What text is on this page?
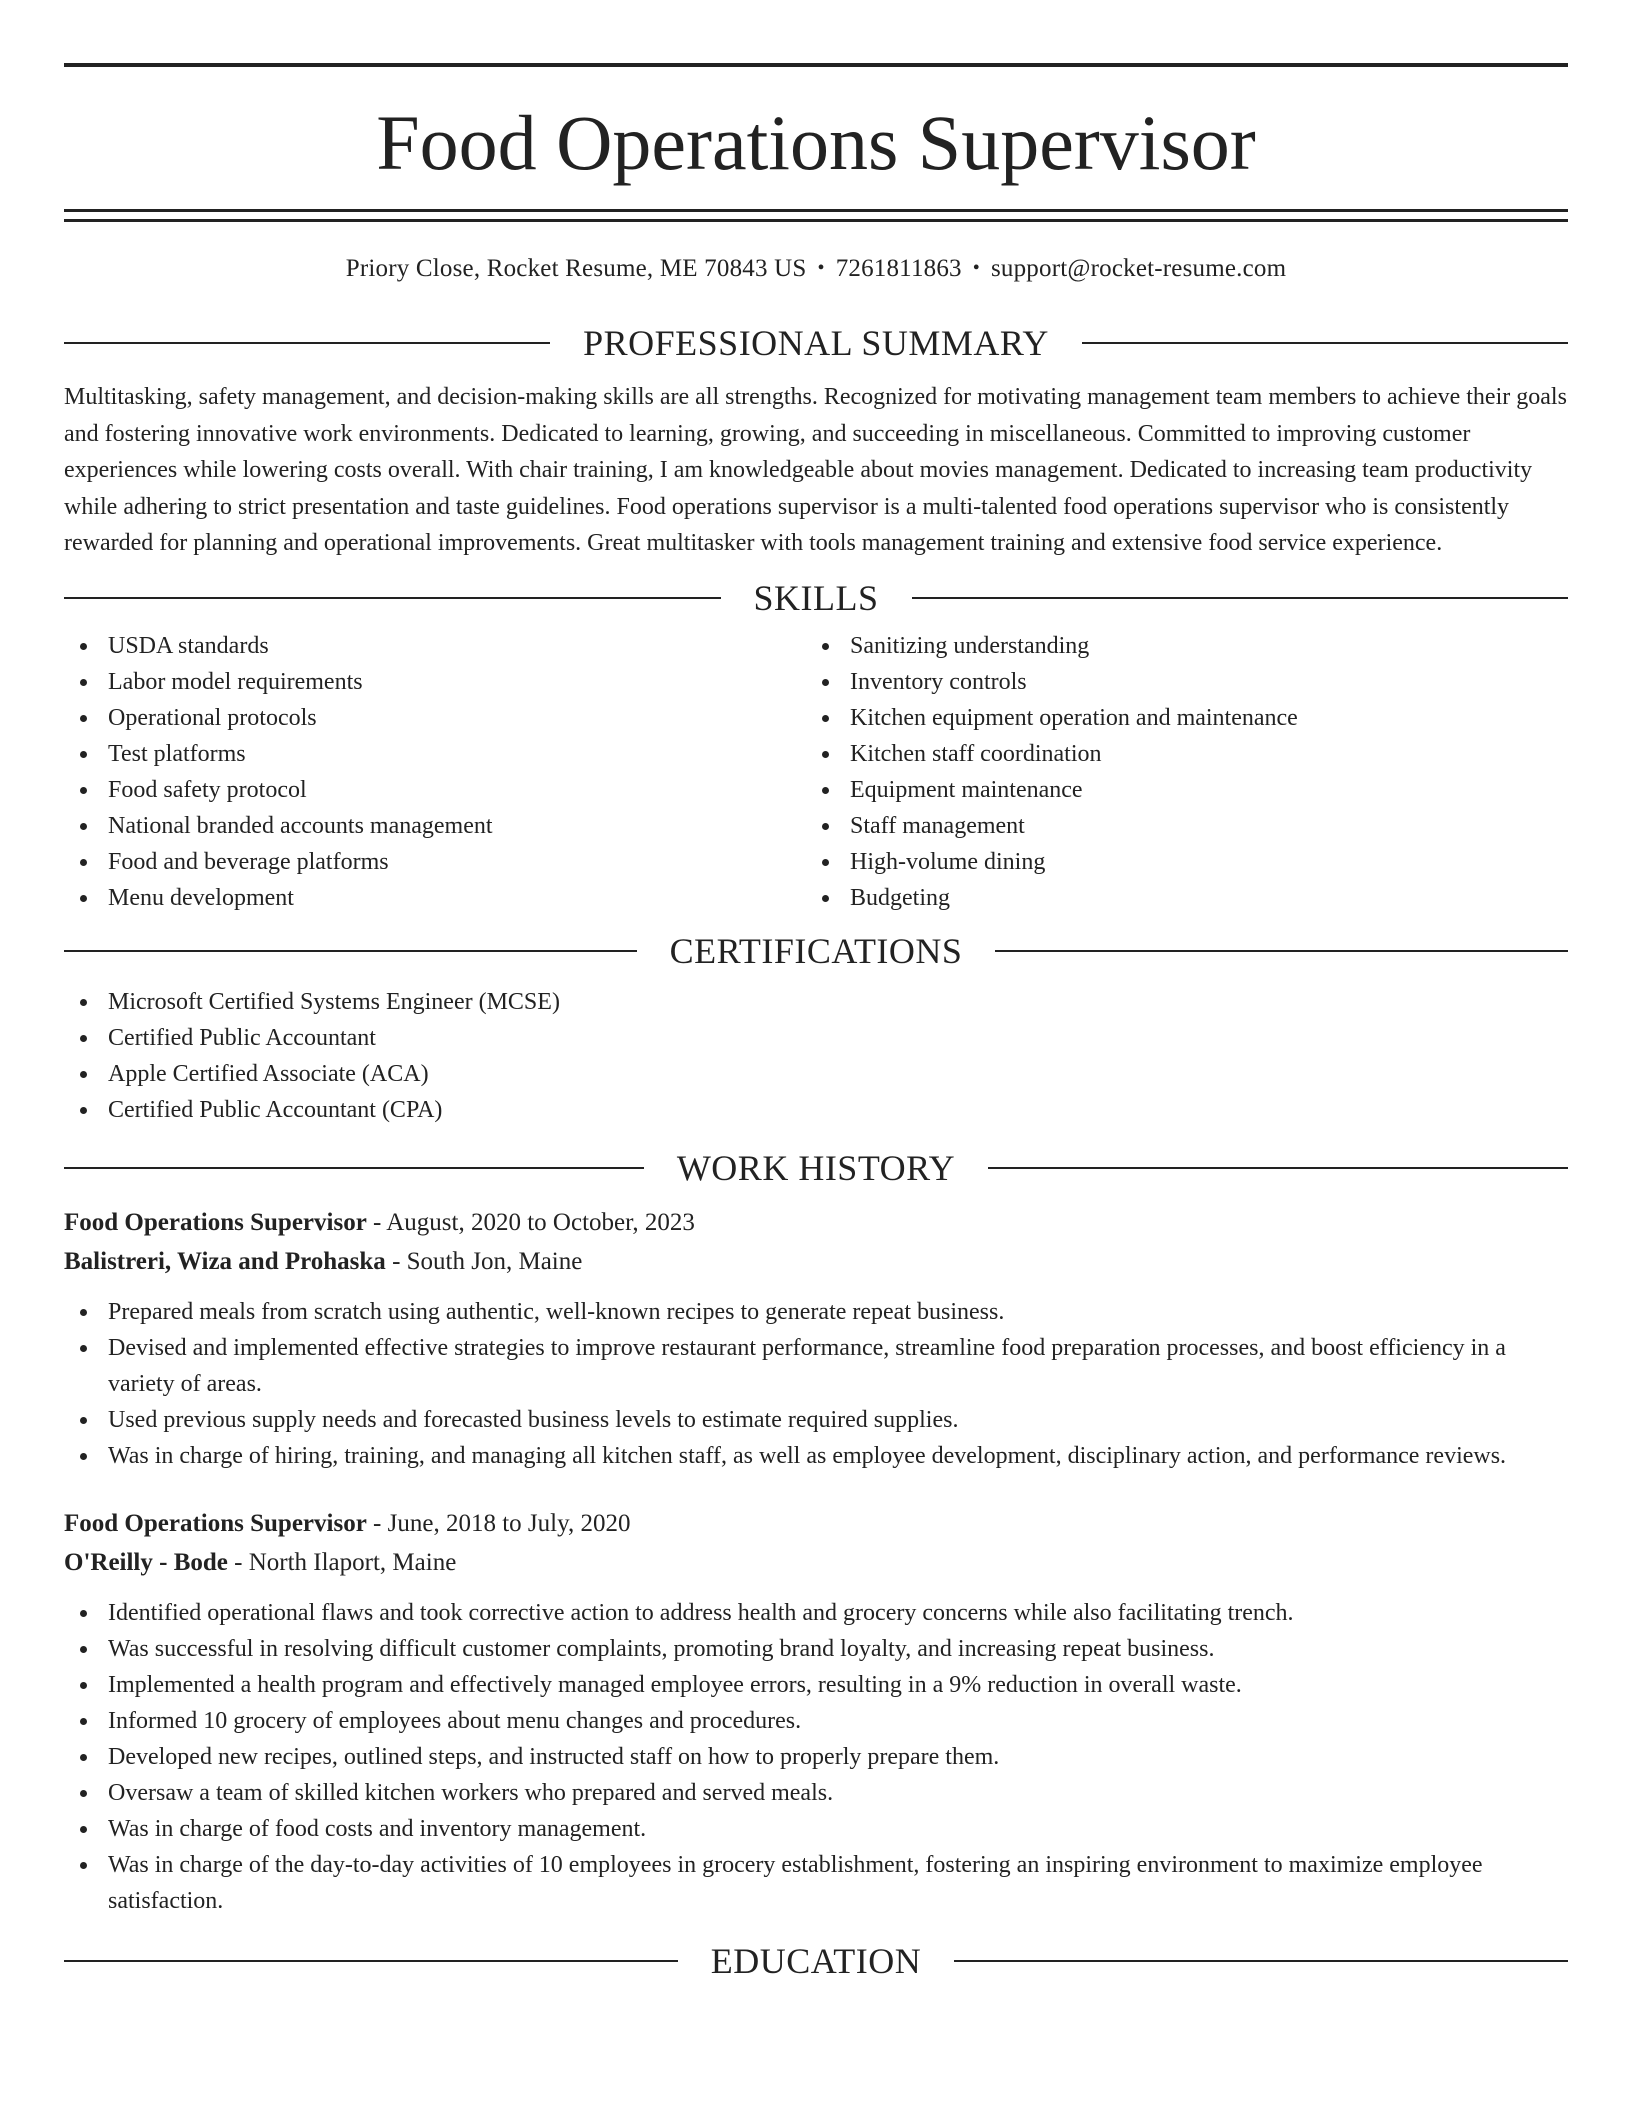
Food Operations Supervisor
Priory Close, Rocket Resume, ME 70843 US • 7261811863 • support@rocket-resume.com
PROFESSIONAL SUMMARY

Multitasking, safety management, and decision-making skills are all strengths. Recognized for motivating management team members to achieve their goals and fostering innovative work environments. Dedicated to learning, growing, and succeeding in miscellaneous. Committed to improving customer experiences while lowering costs overall. With chair training, I am knowledgeable about movies management. Dedicated to increasing team productivity while adhering to strict presentation and taste guidelines. Food operations supervisor is a multi-talented food operations supervisor who is consistently rewarded for planning and operational improvements. Great multitasker with tools management training and extensive food service experience.

SKILLS
USDA standards
Labor model requirements
Operational protocols
Test platforms
Food safety protocol
National branded accounts management
Food and beverage platforms
Menu development
Sanitizing understanding
Inventory controls
Kitchen equipment operation and maintenance
Kitchen staff coordination
Equipment maintenance
Staff management
High-volume dining
Budgeting
CERTIFICATIONS
Microsoft Certified Systems Engineer (MCSE)
Certified Public Accountant
Apple Certified Associate (ACA)
Certified Public Accountant (CPA)
WORK HISTORY
Food Operations Supervisor - August, 2020 to October, 2023
Balistreri, Wiza and Prohaska - South Jon, Maine
Prepared meals from scratch using authentic, well-known recipes to generate repeat business.
Devised and implemented effective strategies to improve restaurant performance, streamline food preparation processes, and boost efficiency in a variety of areas.
Used previous supply needs and forecasted business levels to estimate required supplies.
Was in charge of hiring, training, and managing all kitchen staff, as well as employee development, disciplinary action, and performance reviews.
Food Operations Supervisor - June, 2018 to July, 2020
O'Reilly - Bode - North Ilaport, Maine
Identified operational flaws and took corrective action to address health and grocery concerns while also facilitating trench.
Was successful in resolving difficult customer complaints, promoting brand loyalty, and increasing repeat business.
Implemented a health program and effectively managed employee errors, resulting in a 9% reduction in overall waste.
Informed 10 grocery of employees about menu changes and procedures.
Developed new recipes, outlined steps, and instructed staff on how to properly prepare them.
Oversaw a team of skilled kitchen workers who prepared and served meals.
Was in charge of food costs and inventory management.
Was in charge of the day-to-day activities of 10 employees in grocery establishment, fostering an inspiring environment to maximize employee satisfaction.
EDUCATION
